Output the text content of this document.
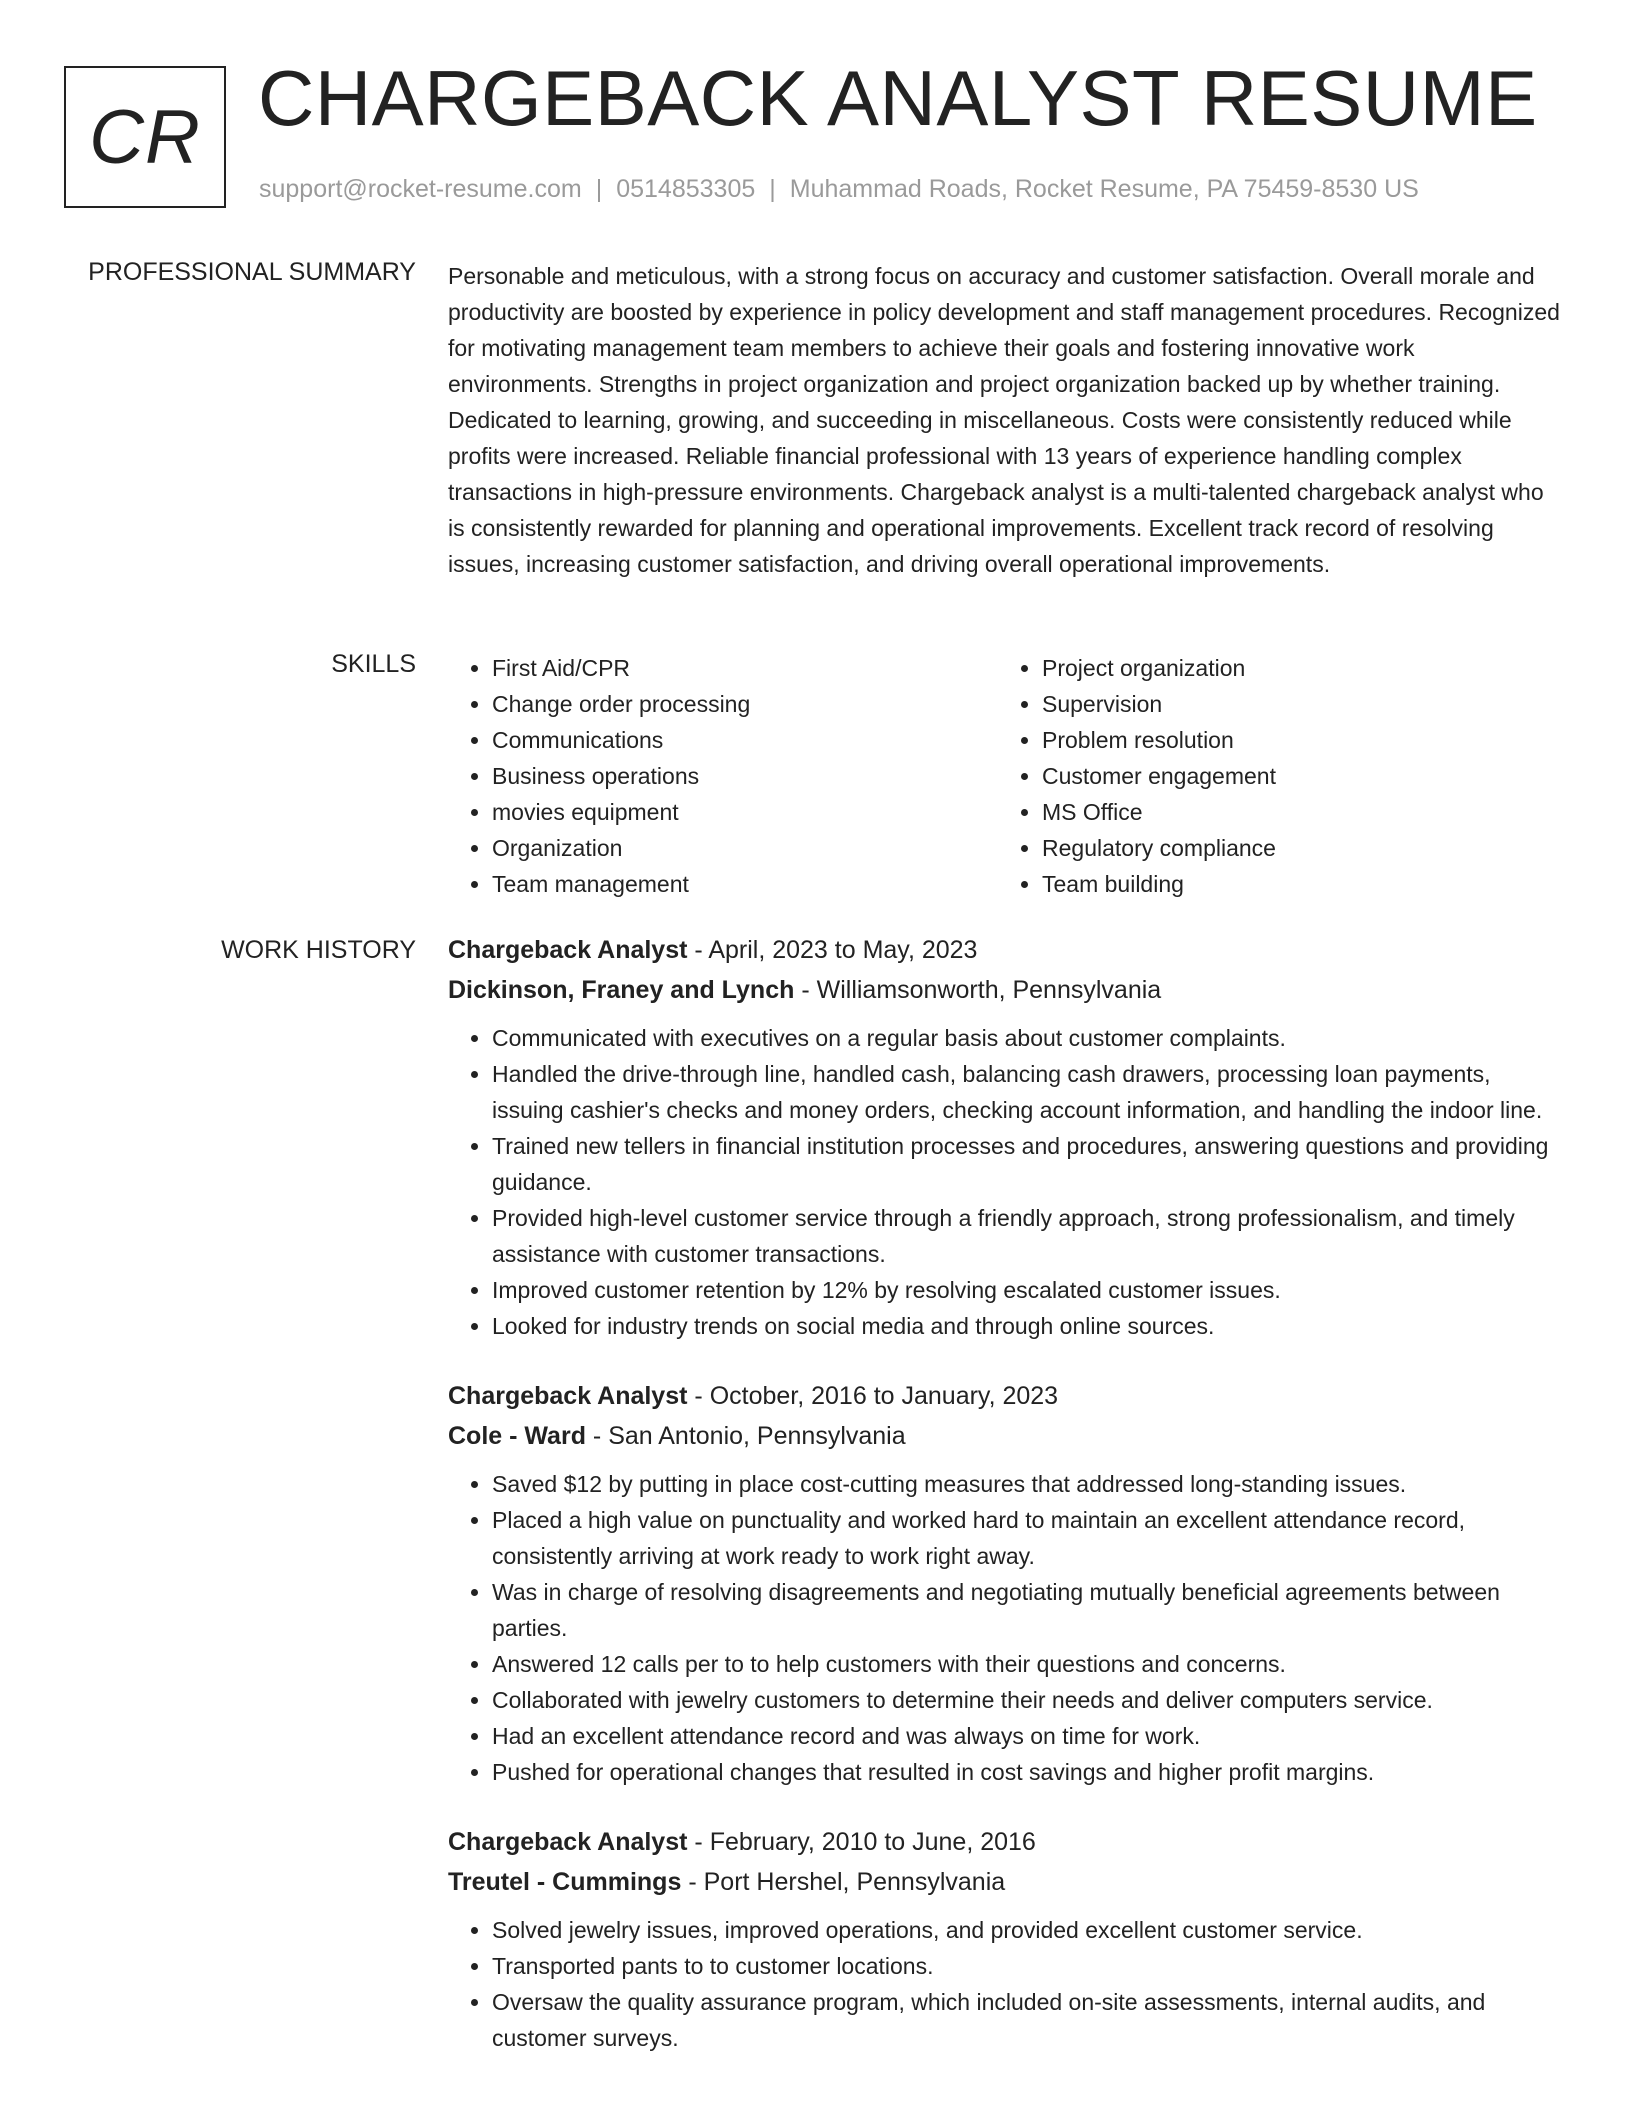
CR CHARGEBACK ANALYST RESUME
support@rocket-resume.com | 0514853305 | Muhammad Roads, Rocket Resume, PA 75459-8530 US
PROFESSIONAL SUMMARY Personable and meticulous, with a strong focus on accuracy and customer satisfaction. Overall morale and productivity are boosted by experience in policy development and staff management procedures. Recognized for motivating management team members to achieve their goals and fostering innovative work environments. Strengths in project organization and project organization backed up by whether training. Dedicated to learning, growing, and succeeding in miscellaneous. Costs were consistently reduced while profits were increased. Reliable financial professional with 13 years of experience handling complex transactions in high-pressure environments. Chargeback analyst is a multi-talented chargeback analyst who is consistently rewarded for planning and operational improvements. Excellent track record of resolving issues, increasing customer satisfaction, and driving overall operational improvements.

SKILLS
•	First Aid/CPR
• Change order processing
• Communications
• Business operations
• movies equipment
• Organization
• Team management
• Project organization
• Supervision
• Problem resolution
• Customer engagement
• MS Office
• Regulatory compliance
• Team building
WORK HISTORY Chargeback Analyst - April, 2023 to May, 2023
Dickinson, Franey and Lynch - Williamsonworth, Pennsylvania
• Communicated with executives on a regular basis about customer complaints.
• Handled the drive-through line, handled cash, balancing cash drawers, processing loan payments, issuing cashier's checks and money orders, checking account information, and handling the indoor line.
• Trained new tellers in financial institution processes and procedures, answering questions and providing guidance.
• Provided high-level customer service through a friendly approach, strong professionalism, and timely assistance with customer transactions.
• Improved customer retention by 12% by resolving escalated customer issues.
• Looked for industry trends on social media and through online sources.
Chargeback Analyst - October, 2016 to January, 2023
Cole - Ward - San Antonio, Pennsylvania
• Saved $12 by putting in place cost-cutting measures that addressed long-standing issues.
• Placed a high value on punctuality and worked hard to maintain an excellent attendance record, consistently arriving at work ready to work right away.
• Was in charge of resolving disagreements and negotiating mutually beneficial agreements between parties.
• Answered 12 calls per to to help customers with their questions and concerns.
• Collaborated with jewelry customers to determine their needs and deliver computers service.
• Had an excellent attendance record and was always on time for work.
• Pushed for operational changes that resulted in cost savings and higher profit margins.
Chargeback Analyst - February, 2010 to June, 2016
Treutel - Cummings - Port Hershel, Pennsylvania
• Solved jewelry issues, improved operations, and provided excellent customer service.
• Transported pants to to customer locations.
• Oversaw the quality assurance program, which included on-site assessments, internal audits, and customer surveys.
